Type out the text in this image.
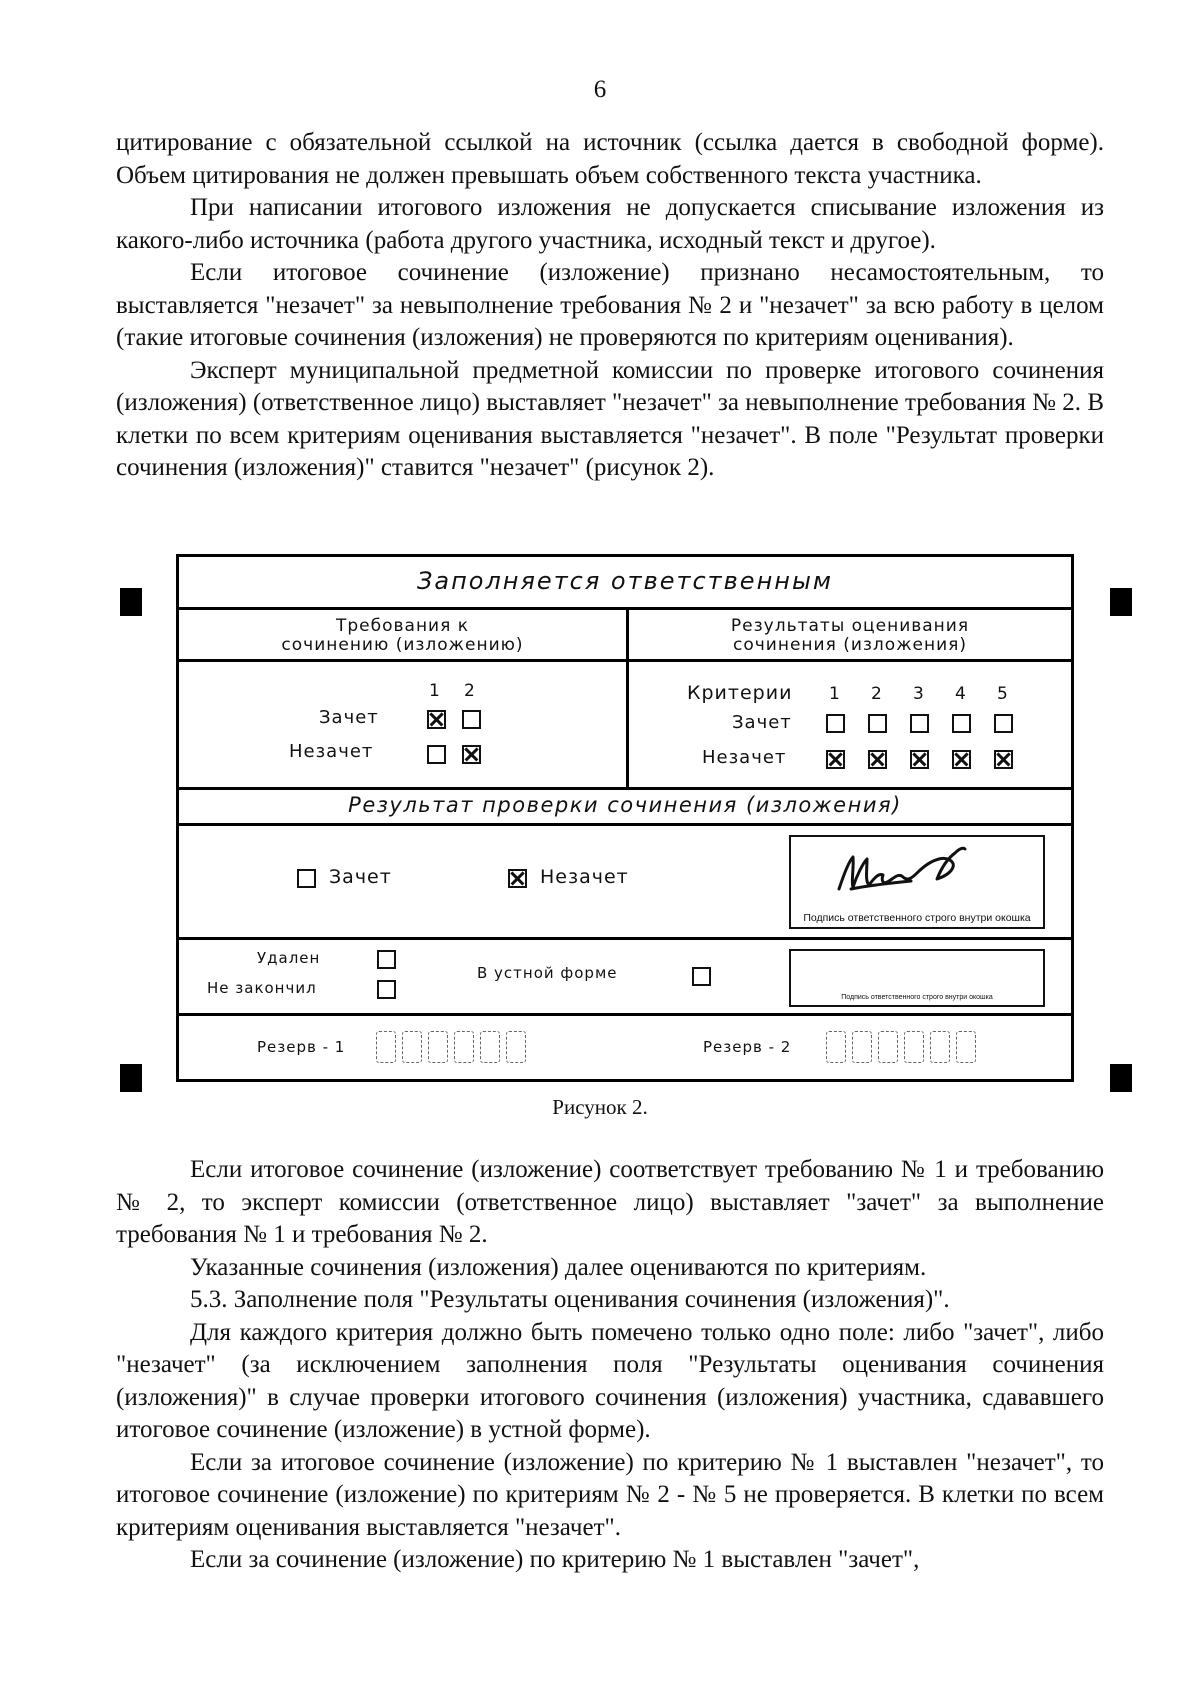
6

цитирование с обязательной ссылкой на источник (ссылка дается в свободной форме). Объем цитирования не должен превышать объем собственного текста участника.

При написании итогового изложения не допускается списывание изложения из какого-либо источника (работа другого участника, исходный текст и другое).

Если итоговое сочинение (изложение) признано несамостоятельным, то выставляется "незачет" за невыполнение требования № 2 и "незачет" за всю работу в целом (такие итоговые сочинения (изложения) не проверяются по критериям оценивания).

Эксперт муниципальной предметной комиссии по проверке итогового сочинения (изложения) (ответственное лицо) выставляет "незачет" за невыполнение требования № 2. В клетки по всем критериям оценивания выставляется "незачет". В поле "Результат проверки сочинения (изложения)" ставится "незачет" (рисунок 2).

Заполняется ответственным
Требования к
сочинению (изложению)
Результаты оценивания
сочинения (изложения)
1 2
Зачет
Незачет
Критерии 1 2 3 4 5
Зачет
Незачет
Результат проверки сочинения (изложения)
Зачет	Незачет
Подпись ответственного строго внутри окошка
Удален
Не закончил
В устной форме
Подпись ответственного строго внутри окошка
Резерв - 1	Резерв - 2
Рисунок 2.

Если итоговое сочинение (изложение) соответствует требованию № 1 и требованию № 2, то эксперт комиссии (ответственное лицо) выставляет "зачет" за выполнение требования № 1 и требования № 2.

Указанные сочинения (изложения) далее оцениваются по критериям.

5.3. Заполнение поля "Результаты оценивания сочинения (изложения)".

Для каждого критерия должно быть помечено только одно поле: либо "зачет", либо "незачет" (за исключением заполнения поля "Результаты оценивания сочинения (изложения)" в случае проверки итогового сочинения (изложения) участника, сдававшего итоговое сочинение (изложение) в устной форме).

Если за итоговое сочинение (изложение) по критерию № 1 выставлен "незачет", то итоговое сочинение (изложение) по критериям № 2 - № 5 не проверяется. В клетки по всем критериям оценивания выставляется "незачет".

Если за сочинение (изложение) по критерию № 1 выставлен "зачет",
